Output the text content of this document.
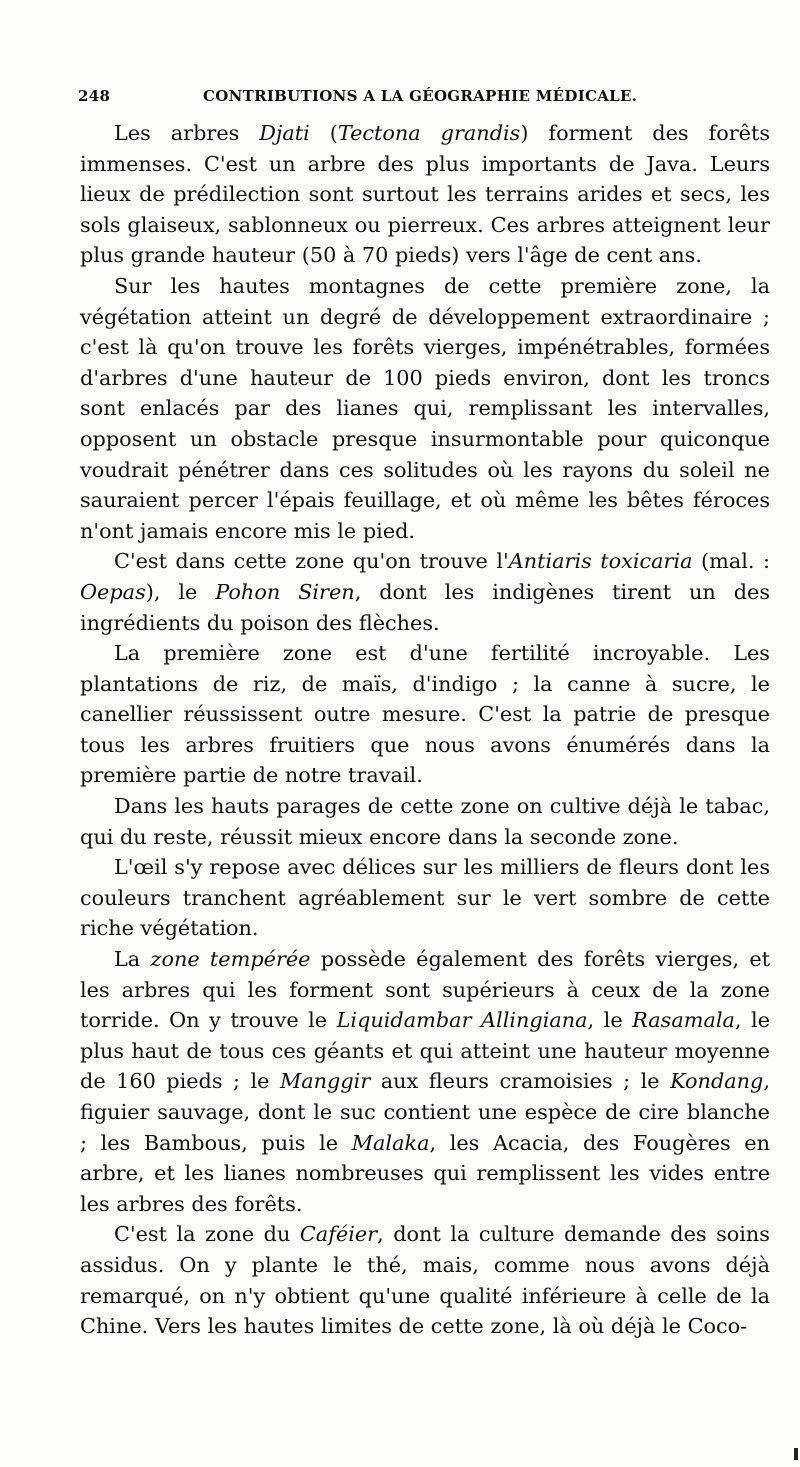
248	CONTRIBUTIONS A LA GÉOGRAPHIE MÉDICALE.

Les arbres Djati (Tectona grandis) forment des forêts immenses. C'est un arbre des plus importants de Java. Leurs lieux de prédilection sont surtout les terrains arides et secs, les sols glaiseux, sablonneux ou pierreux. Ces arbres atteignent leur plus grande hauteur (50 à 70 pieds) vers l'âge de cent ans.

Sur les hautes montagnes de cette première zone, la végétation atteint un degré de développement extraordinaire ; c'est là qu'on trouve les forêts vierges, impénétrables, formées d'arbres d'une hauteur de 100 pieds environ, dont les troncs sont enlacés par des lianes qui, remplissant les intervalles, opposent un obstacle presque insurmontable pour quiconque voudrait pénétrer dans ces solitudes où les rayons du soleil ne sauraient percer l'épais feuillage, et où même les bêtes féroces n'ont jamais encore mis le pied.

C'est dans cette zone qu'on trouve l'Antiaris toxicaria (mal. : Oepas), le Pohon Siren, dont les indigènes tirent un des ingrédients du poison des flèches.

La première zone est d'une fertilité incroyable. Les plantations de riz, de maïs, d'indigo ; la canne à sucre, le canellier réussissent outre mesure. C'est la patrie de presque tous les arbres fruitiers que nous avons énumérés dans la première partie de notre travail.

Dans les hauts parages de cette zone on cultive déjà le tabac, qui du reste, réussit mieux encore dans la seconde zone.

L'œil s'y repose avec délices sur les milliers de fleurs dont les couleurs tranchent agréablement sur le vert sombre de cette riche végétation.

La zone tempérée possède également des forêts vierges, et les arbres qui les forment sont supérieurs à ceux de la zone torride. On y trouve le Liquidambar Allingiana, le Rasamala, le plus haut de tous ces géants et qui atteint une hauteur moyenne de 160 pieds ; le Manggir aux fleurs cramoisies ; le Kondang, figuier sauvage, dont le suc contient une espèce de cire blanche ; les Bambous, puis le Malaka, les Acacia, des Fougères en arbre, et les lianes nombreuses qui remplissent les vides entre les arbres des forêts.

C'est la zone du Caféier, dont la culture demande des soins assidus. On y plante le thé, mais, comme nous avons déjà remarqué, on n'y obtient qu'une qualité inférieure à celle de la Chine. Vers les hautes limites de cette zone, là où déjà le Coco-
